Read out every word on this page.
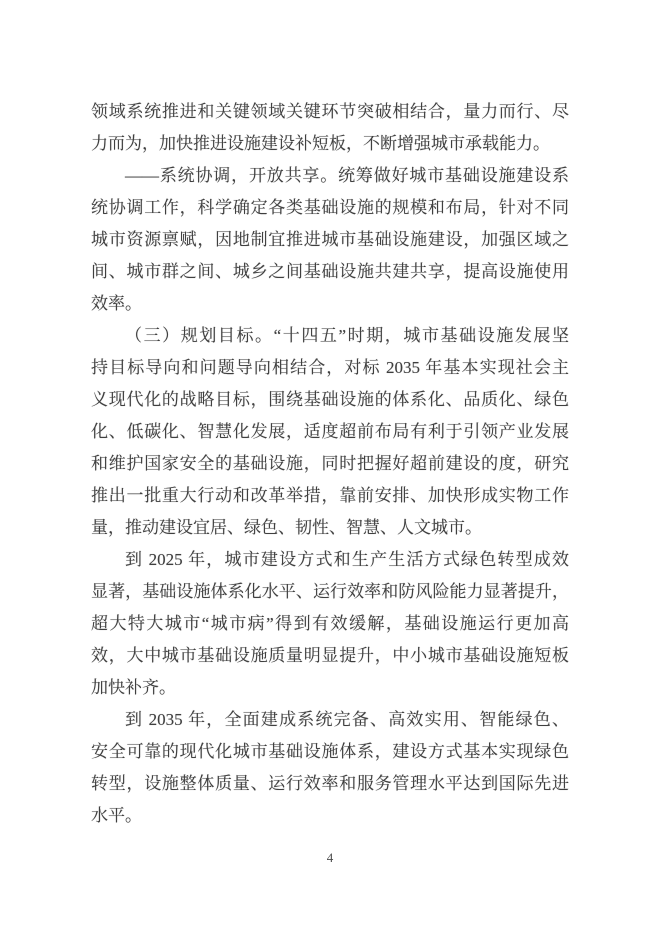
领域系统推进和关键领域关键环节突破相结合，量力而行、尽
力而为，加快推进设施建设补短板，不断增强城市承载能力。
——系统协调，开放共享。统筹做好城市基础设施建设系
统协调工作，科学确定各类基础设施的规模和布局，针对不同
城市资源禀赋，因地制宜推进城市基础设施建设，加强区域之
间、城市群之间、城乡之间基础设施共建共享，提高设施使用
效率。
（三）规划目标。“十四五”时期，城市基础设施发展坚
持目标导向和问题导向相结合，对标 2035 年基本实现社会主
义现代化的战略目标，围绕基础设施的体系化、品质化、绿色
化、低碳化、智慧化发展，适度超前布局有利于引领产业发展
和维护国家安全的基础设施，同时把握好超前建设的度，研究
推出一批重大行动和改革举措，靠前安排、加快形成实物工作
量，推动建设宜居、绿色、韧性、智慧、人文城市。
到 2025 年，城市建设方式和生产生活方式绿色转型成效
显著，基础设施体系化水平、运行效率和防风险能力显著提升，
超大特大城市“城市病”得到有效缓解，基础设施运行更加高
效，大中城市基础设施质量明显提升，中小城市基础设施短板
加快补齐。
到 2035 年，全面建成系统完备、高效实用、智能绿色、
安全可靠的现代化城市基础设施体系，建设方式基本实现绿色
转型，设施整体质量、运行效率和服务管理水平达到国际先进
水平。
4
